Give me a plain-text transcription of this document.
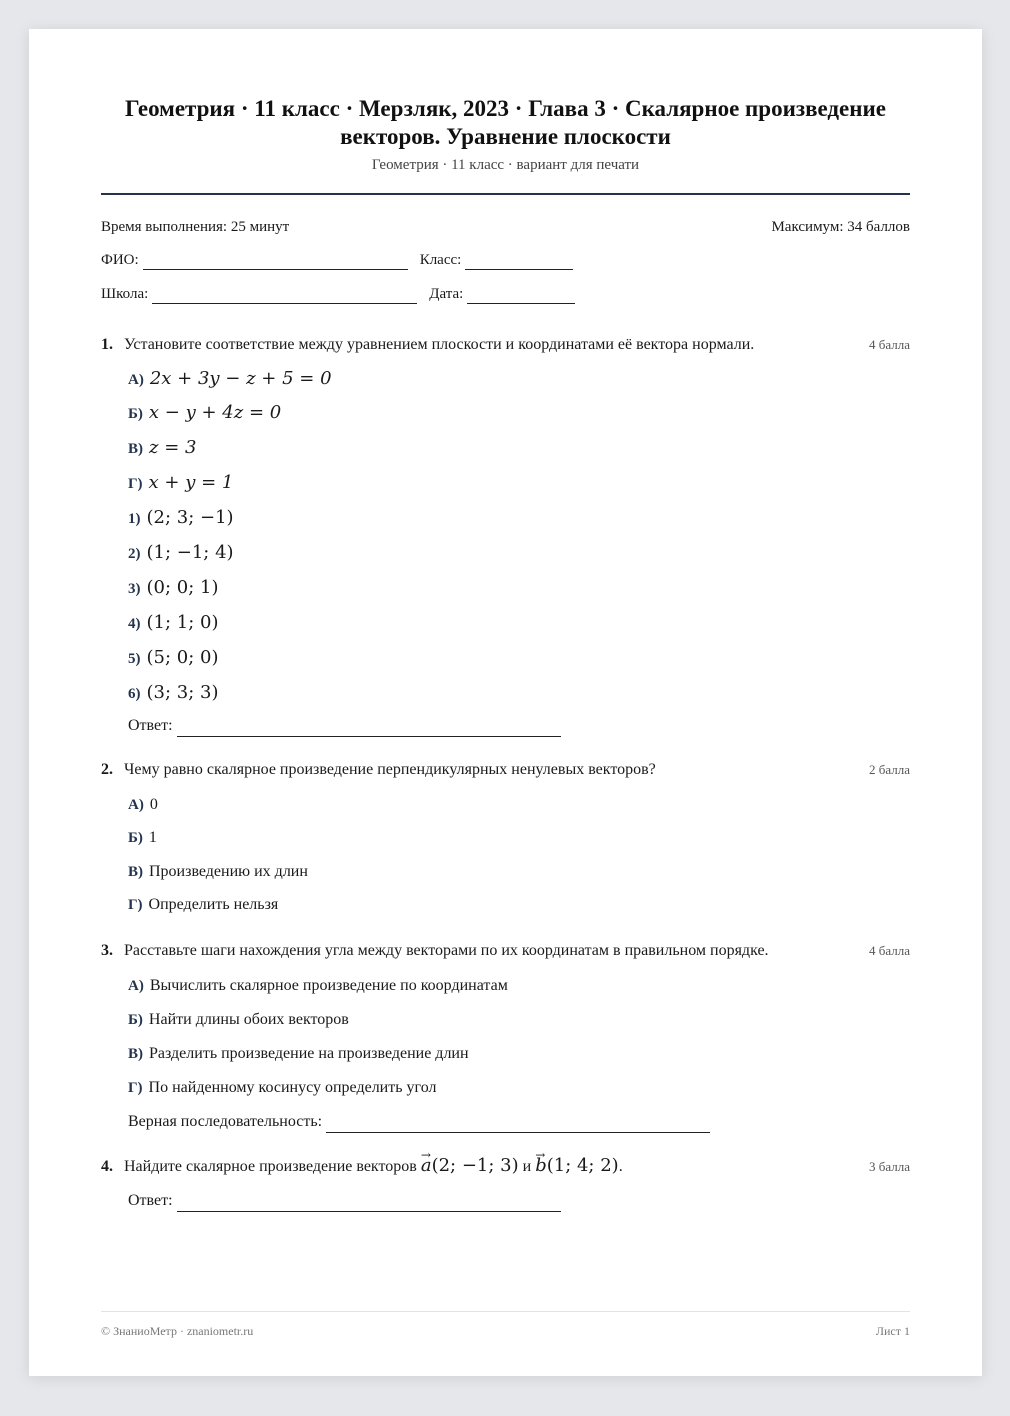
Геометрия · 11 класс · Мерзляк, 2023 · Глава 3 · Скалярное произведение векторов. Уравнение плоскости
Геометрия · 11 класс · вариант для печати
Время выполнения: 25 минут	Максимум: 34 баллов
ФИО:	Класс:
Школа:	Дата:
1. Установите соответствие между уравнением плоскости и координатами её вектора нормали.	4 балла
А) 2x + 3y − z + 5 = 0
Б) x − y + 4z = 0
В) z = 3
Г) x + y = 1
1) (2; 3; −1)
2) (1; −1; 4)
3) (0; 0; 1)
4) (1; 1; 0)
5) (5; 0; 0)
6) (3; 3; 3)
Ответ:
2. Чему равно скалярное произведение перпендикулярных ненулевых векторов?	2 балла
А) 0
Б) 1
В) Произведению их длин
Г) Определить нельзя
3. Расставьте шаги нахождения угла между векторами по их координатам в правильном порядке.	4 балла
А) Вычислить скалярное произведение по координатам
Б) Найти длины обоих векторов
В) Разделить произведение на произведение длин
Г) По найденному косинусу определить угол
Верная последовательность:
4. Найдите скалярное произведение векторов → a(2; −1; 3) и → b(1; 4; 2).	3 балла
Ответ:
© ЗнаниоМетр · znaniometr.ru	Лист 1
